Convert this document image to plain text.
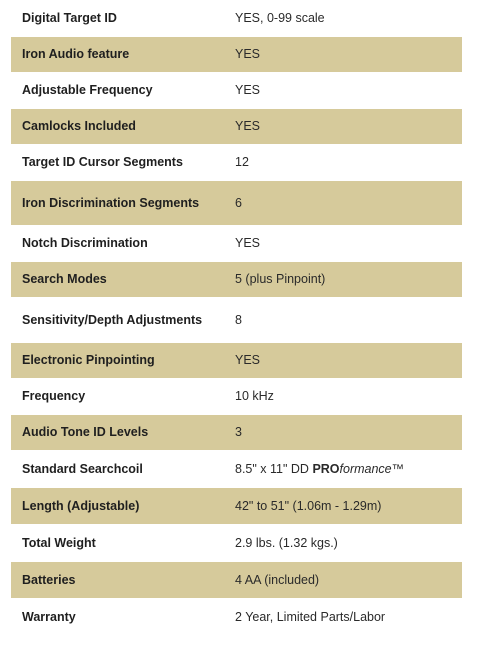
Digital Target ID	YES, 0-99 scale
Iron Audio feature	YES
Adjustable Frequency	YES
Camlocks Included	YES
Target ID Cursor Segments	12
Iron Discrimination Segments	6
Notch Discrimination	YES
Search Modes	5 (plus Pinpoint)
Sensitivity/Depth Adjustments	8
Electronic Pinpointing	YES
Frequency	10 kHz
Audio Tone ID Levels	3
Standard Searchcoil	8.5" x 11" DD PROformance™
Length (Adjustable)	42" to 51" (1.06m - 1.29m)
Total Weight	2.9 lbs. (1.32 kgs.)
Batteries	4 AA (included)
Warranty	2 Year, Limited Parts/Labor
